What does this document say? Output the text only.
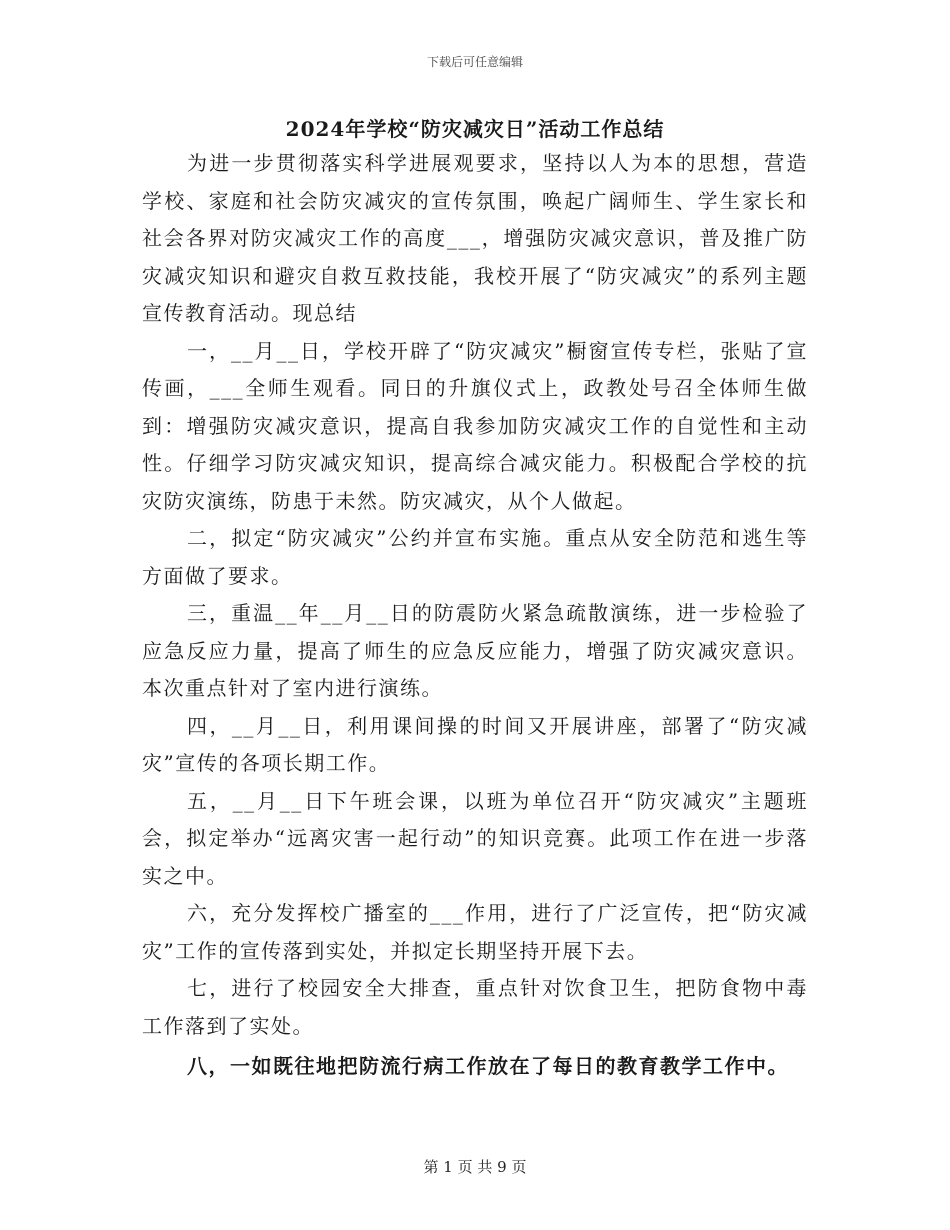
下载后可任意编辑
2024年学校“防灾减灾日”活动工作总结

为进一步贯彻落实科学进展观要求，坚持以人为本的思想，营造学校、家庭和社会防灾减灾的宣传氛围，唤起广阔师生、学生家长和社会各界对防灾减灾工作的高度___，增强防灾减灾意识，普及推广防灾减灾知识和避灾自救互救技能，我校开展了“防灾减灾”的系列主题宣传教育活动。现总结

一，__月__日，学校开辟了“防灾减灾”橱窗宣传专栏，张贴了宣传画，___全师生观看。同日的升旗仪式上，政教处号召全体师生做到：增强防灾减灾意识，提高自我参加防灾减灾工作的自觉性和主动性。仔细学习防灾减灾知识，提高综合减灾能力。积极配合学校的抗灾防灾演练，防患于未然。防灾减灾，从个人做起。

二，拟定“防灾减灾”公约并宣布实施。重点从安全防范和逃生等方面做了要求。

三，重温__年__月__日的防震防火紧急疏散演练，进一步检验了应急反应力量，提高了师生的应急反应能力，增强了防灾减灾意识。本次重点针对了室内进行演练。

四，__月__日，利用课间操的时间又开展讲座，部署了“防灾减灾”宣传的各项长期工作。

五，__月__日下午班会课，以班为单位召开“防灾减灾”主题班会，拟定举办“远离灾害一起行动”的知识竞赛。此项工作在进一步落实之中。

六，充分发挥校广播室的___作用，进行了广泛宣传，把“防灾减灾”工作的宣传落到实处，并拟定长期坚持开展下去。

七，进行了校园安全大排查，重点针对饮食卫生，把防食物中毒工作落到了实处。

八，一如既往地把防流行病工作放在了每日的教育教学工作中。

第 1 页 共 9 页
